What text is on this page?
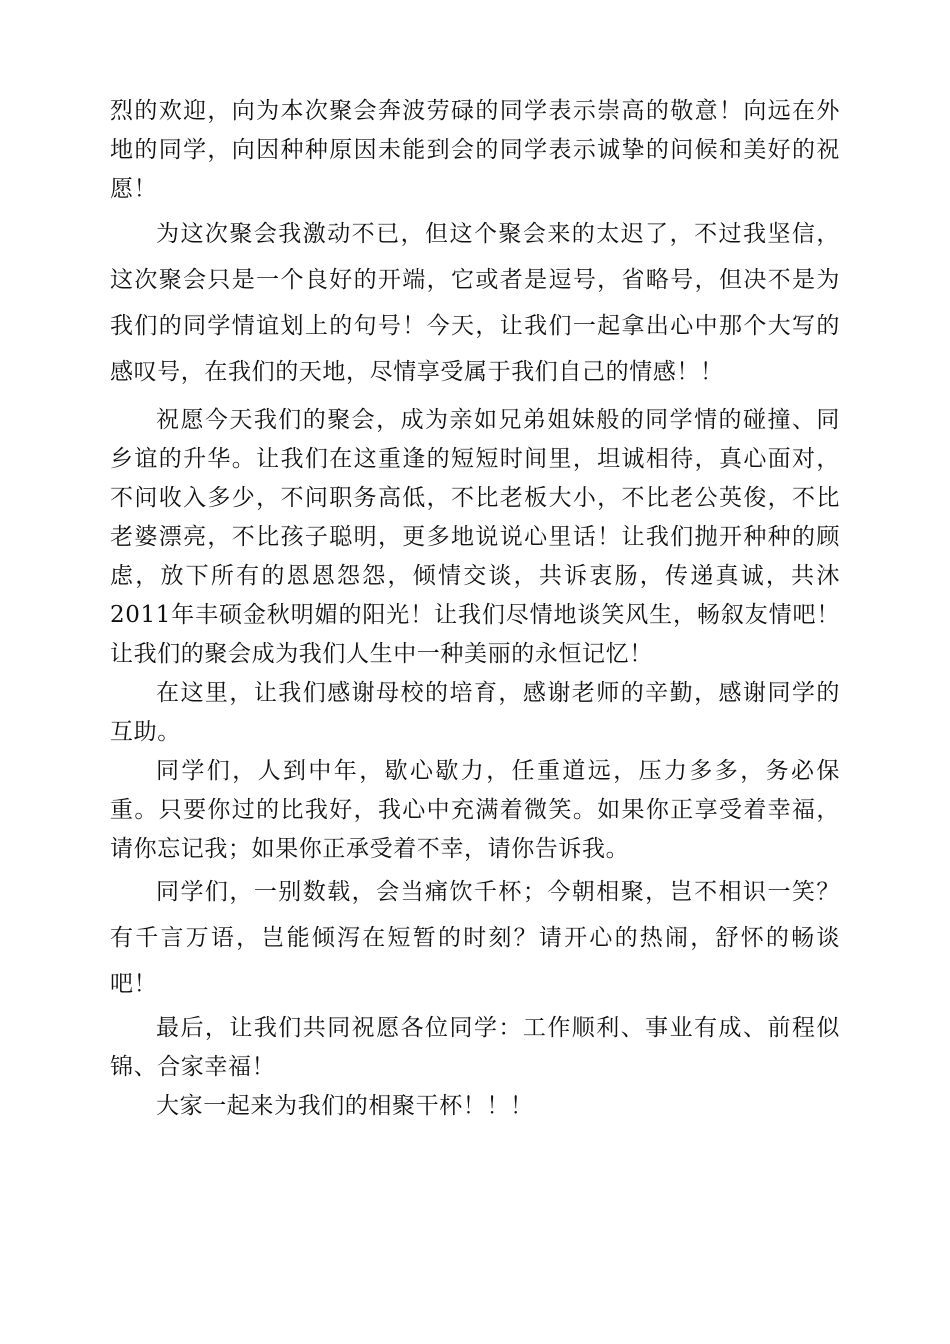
烈的欢迎，向为本次聚会奔波劳碌的同学表示崇高的敬意！向远在外地的同学，向因种种原因未能到会的同学表示诚挚的问候和美好的祝愿！

为这次聚会我激动不已，但这个聚会来的太迟了，不过我坚信，这次聚会只是一个良好的开端，它或者是逗号，省略号，但决不是为我们的同学情谊划上的句号！今天，让我们一起拿出心中那个大写的感叹号，在我们的天地，尽情享受属于我们自己的情感！！

祝愿今天我们的聚会，成为亲如兄弟姐妹般的同学情的碰撞、同乡谊的升华。让我们在这重逢的短短时间里，坦诚相待，真心面对，不问收入多少，不问职务高低，不比老板大小，不比老公英俊，不比老婆漂亮，不比孩子聪明，更多地说说心里话！让我们抛开种种的顾虑，放下所有的恩恩怨怨，倾情交谈，共诉衷肠，传递真诚，共沐2011年丰硕金秋明媚的阳光！让我们尽情地谈笑风生，畅叙友情吧！让我们的聚会成为我们人生中一种美丽的永恒记忆！

在这里，让我们感谢母校的培育，感谢老师的辛勤，感谢同学的互助。

同学们，人到中年，歇心歇力，任重道远，压力多多，务必保重。只要你过的比我好，我心中充满着微笑。如果你正享受着幸福，请你忘记我；如果你正承受着不幸，请你告诉我。

同学们，一别数载，会当痛饮千杯；今朝相聚，岂不相识一笑？有千言万语，岂能倾泻在短暂的时刻？请开心的热闹，舒怀的畅谈吧！

最后，让我们共同祝愿各位同学：工作顺利、事业有成、前程似锦、合家幸福！

大家一起来为我们的相聚干杯！！！
